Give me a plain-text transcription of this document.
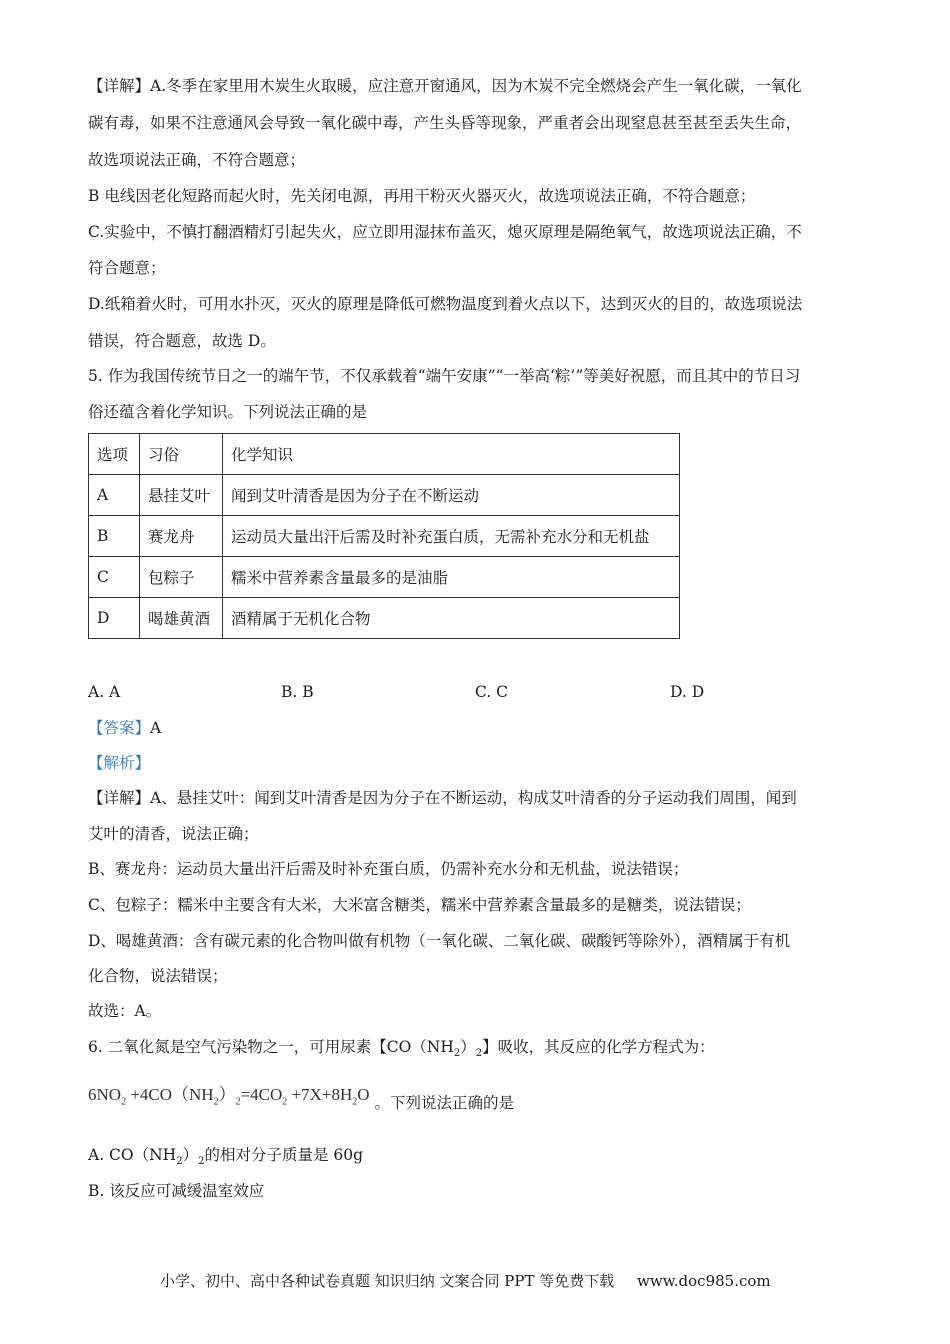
【详解】A.冬季在家里用木炭生火取暖，应注意开窗通风，因为木炭不完全燃烧会产生一氧化碳，一氧化
碳有毒，如果不注意通风会导致一氧化碳中毒，产生头昏等现象，严重者会出现窒息甚至甚至丢失生命，
故选项说法正确，不符合题意；
B 电线因老化短路而起火时，先关闭电源，再用干粉灭火器灭火，故选项说法正确，不符合题意；
C.实验中，不慎打翻酒精灯引起失火，应立即用湿抹布盖灭，熄灭原理是隔绝氧气，故选项说法正确，不
符合题意；
D.纸箱着火时，可用水扑灭，灭火的原理是降低可燃物温度到着火点以下，达到灭火的目的，故选项说法
错误，符合题意，故选 D。
5. 作为我国传统节日之一的端午节，不仅承载着“端午安康”“一举高‘粽’”等美好祝愿，而且其中的节日习
俗还蕴含着化学知识。下列说法正确的是
选项	习俗	化学知识
A	悬挂艾叶	闻到艾叶清香是因为分子在不断运动
B	赛龙舟	运动员大量出汗后需及时补充蛋白质，无需补充水分和无机盐
C	包粽子	糯米中营养素含量最多的是油脂
D	喝雄黄酒	酒精属于无机化合物
A. A	B. B	C. C	D. D
【答案】A
【解析】
【详解】A、悬挂艾叶：闻到艾叶清香是因为分子在不断运动，构成艾叶清香的分子运动我们周围，闻到
艾叶的清香，说法正确；
B、赛龙舟：运动员大量出汗后需及时补充蛋白质，仍需补充水分和无机盐，说法错误；
C、包粽子：糯米中主要含有大米，大米富含糖类，糯米中营养素含量最多的是糖类，说法错误；
D、喝雄黄酒：含有碳元素的化合物叫做有机物（一氧化碳、二氧化碳、碳酸钙等除外），酒精属于有机
化合物，说法错误；
故选：A。
6. 二氧化氮是空气污染物之一，可用尿素【$CO(NH_2)_2$】吸收，其反应的化学方程式为：
$6NO_2 +4CO(NH_2)_2=4CO_2 +7X+8H_2O$ 。下列说法正确的是
A. $CO(NH_2)_2$的相对分子质量是 60g
B. 该反应可减缓温室效应
小学、初中、高中各种试卷真题 知识归纳 文案合同 PPT 等免费下载 www.doc985.com
